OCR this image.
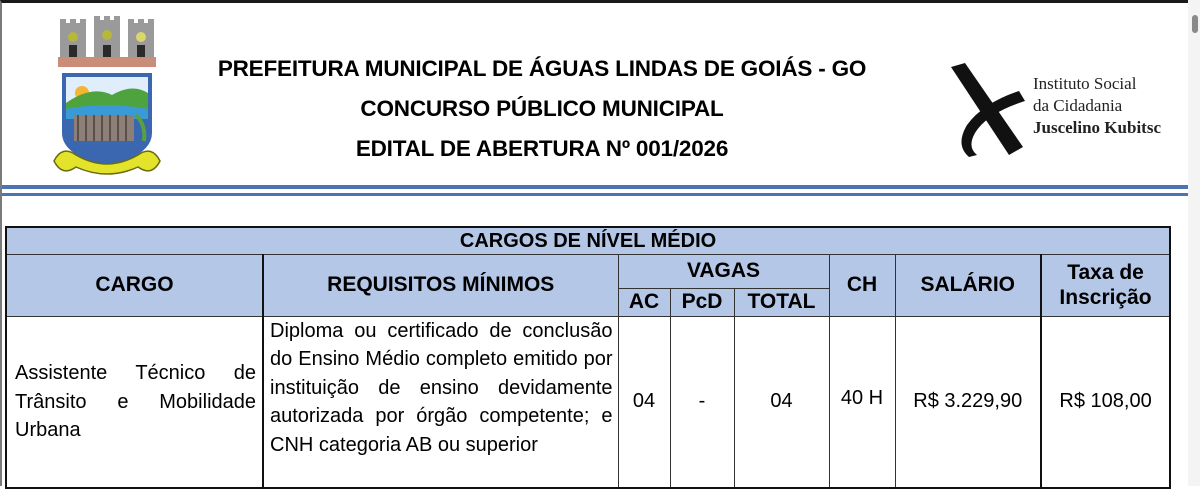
PREFEITURA MUNICIPAL DE ÁGUAS LINDAS DE GOIÁS - GO
CONCURSO PÚBLICO MUNICIPAL
EDITAL DE ABERTURA Nº 001/2026
Instituto Social
da Cidadania
Juscelino Kubitsc
CARGOS DE NÍVEL MÉDIO							
CARGO	REQUISITOS MÍNIMOS	VAGAS			CH	SALÁRIO	Taxa de
Inscrição

		AC	PcD	TOTAL			
Assistente Técnico de Trânsito e Mobilidade Urbana	Diploma ou certificado de conclusão do Ensino Médio completo emitido por instituição de ensino devidamente autorizada por órgão competente; e CNH categoria AB ou superior	04	-	04	40 H	R$ 3.229,90	R$ 108,00
